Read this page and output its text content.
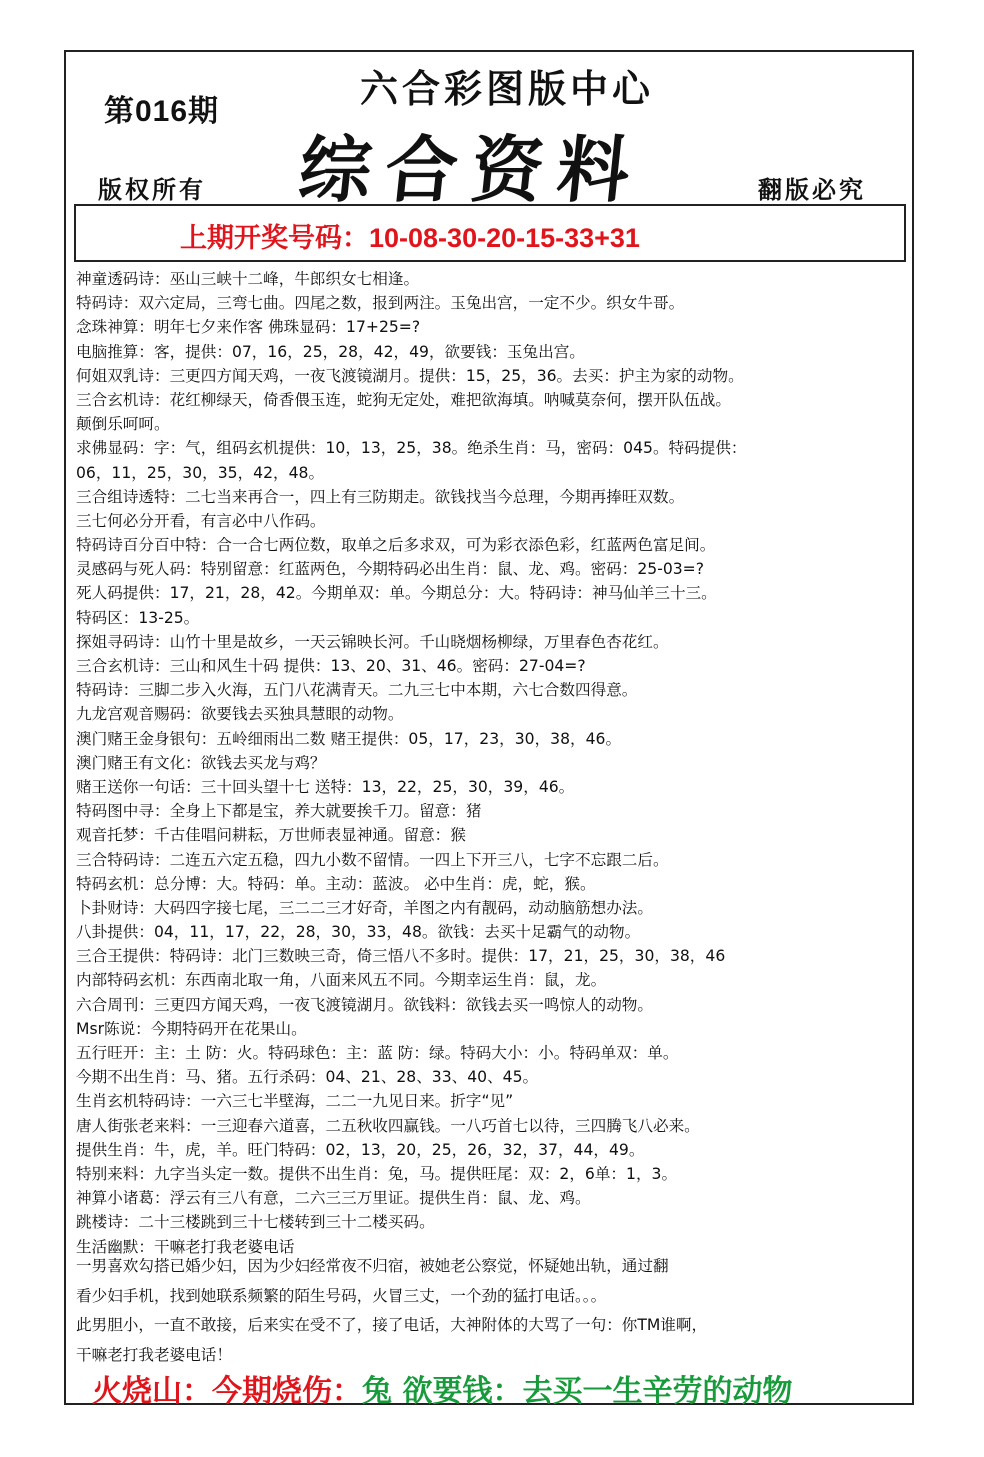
第016期
六合彩图版中心
综合资料
版权所有	翻版必究
上期开奖号码：10-08-30-20-15-33+31
神童透码诗：巫山三峡十二峰，牛郎织女七相逢。
特码诗：双六定局，三弯七曲。四尾之数，报到两注。玉兔出宫，一定不少。织女牛哥。
念珠神算：明年七夕来作客 佛珠显码：17+25=?
电脑推算：客，提供：07，16，25，28，42，49，欲要钱：玉兔出宫。
何姐双乳诗：三更四方闻天鸡，一夜飞渡镜湖月。提供：15，25，36。去买：护主为家的动物。
三合玄机诗：花红柳绿天，倚香偎玉连，蛇狗无定处，难把欲海填。呐喊莫奈何，摆开队伍战。
颠倒乐呵呵。
求佛显码：字：气，组码玄机提供：10，13，25，38。绝杀生肖：马，密码：045。特码提供：
06，11，25，30，35，42，48。
三合组诗透特：二七当来再合一，四上有三防期走。欲钱找当今总理，今期再捧旺双数。
三七何必分开看，有言必中八作码。
特码诗百分百中特：合一合七两位数，取单之后多求双，可为彩衣添色彩，红蓝两色富足间。
灵感码与死人码：特别留意：红蓝两色，今期特码必出生肖：鼠、龙、鸡。密码：25-03=?
死人码提供：17，21，28，42。今期单双：单。今期总分：大。特码诗：神马仙羊三十三。
特码区：13-25。
探姐寻码诗：山竹十里是故乡，一天云锦映长河。千山晓烟杨柳绿，万里春色杏花红。
三合玄机诗：三山和风生十码 提供：13、20、31、46。密码：27-04=?
特码诗：三脚二步入火海，五门八花满青天。二九三七中本期，六七合数四得意。
九龙宫观音赐码：欲要钱去买独具慧眼的动物。
澳门赌王金身银句：五岭细雨出二数 赌王提供：05，17，23，30，38，46。
澳门赌王有文化：欲钱去买龙与鸡？
赌王送你一句话：三十回头望十七 送特：13，22，25，30，39，46。
特码图中寻：全身上下都是宝，养大就要挨千刀。留意：猪
观音托梦：千古佳唱问耕耘，万世师表显神通。留意：猴
三合特码诗：二连五六定五稳，四九小数不留情。一四上下开三八，七字不忘跟二后。
特码玄机：总分博：大。特码：单。主动：蓝波。 必中生肖：虎，蛇，猴。
卜卦财诗：大码四字接七尾，三二二三才好奇，羊图之内有靓码，动动脑筋想办法。
八卦提供：04，11，17，22，28，30，33，48。欲钱：去买十足霸气的动物。
三合王提供：特码诗：北门三数映三奇，倚三悟八不多时。提供：17，21，25，30，38，46
内部特码玄机：东西南北取一角，八面来风五不同。今期幸运生肖：鼠，龙。
六合周刊：三更四方闻天鸡，一夜飞渡镜湖月。欲钱料：欲钱去买一鸣惊人的动物。
Msr陈说：今期特码开在花果山。
五行旺开：主：土 防：火。特码球色：主：蓝 防：绿。特码大小：小。特码单双：单。
今期不出生肖：马、猪。五行杀码：04、21、28、33、40、45。
生肖玄机特码诗：一六三七半壁海，二二一九见日来。折字“见”
唐人街张老来料：一三迎春六道喜，二五秋收四赢钱。一八巧首七以待，三四腾飞八必来。
提供生肖：牛，虎，羊。旺门特码：02，13，20，25，26，32，37，44，49。
特别来料：九字当头定一数。提供不出生肖：兔，马。提供旺尾：双：2，6单：1，3。
神算小诸葛：浮云有三八有意，二六三三万里证。提供生肖：鼠、龙、鸡。
跳楼诗：二十三楼跳到三十七楼转到三十二楼买码。
生活幽默：干嘛老打我老婆电话
一男喜欢勾搭已婚少妇，因为少妇经常夜不归宿，被她老公察觉，怀疑她出轨，通过翻
看少妇手机，找到她联系频繁的陌生号码，火冒三丈，一个劲的猛打电话。。。
此男胆小，一直不敢接，后来实在受不了，接了电话，大神附体的大骂了一句：你TM谁啊，
干嘛老打我老婆电话！
火烧山：今期烧伤：兔 欲要钱：去买一生辛劳的动物
